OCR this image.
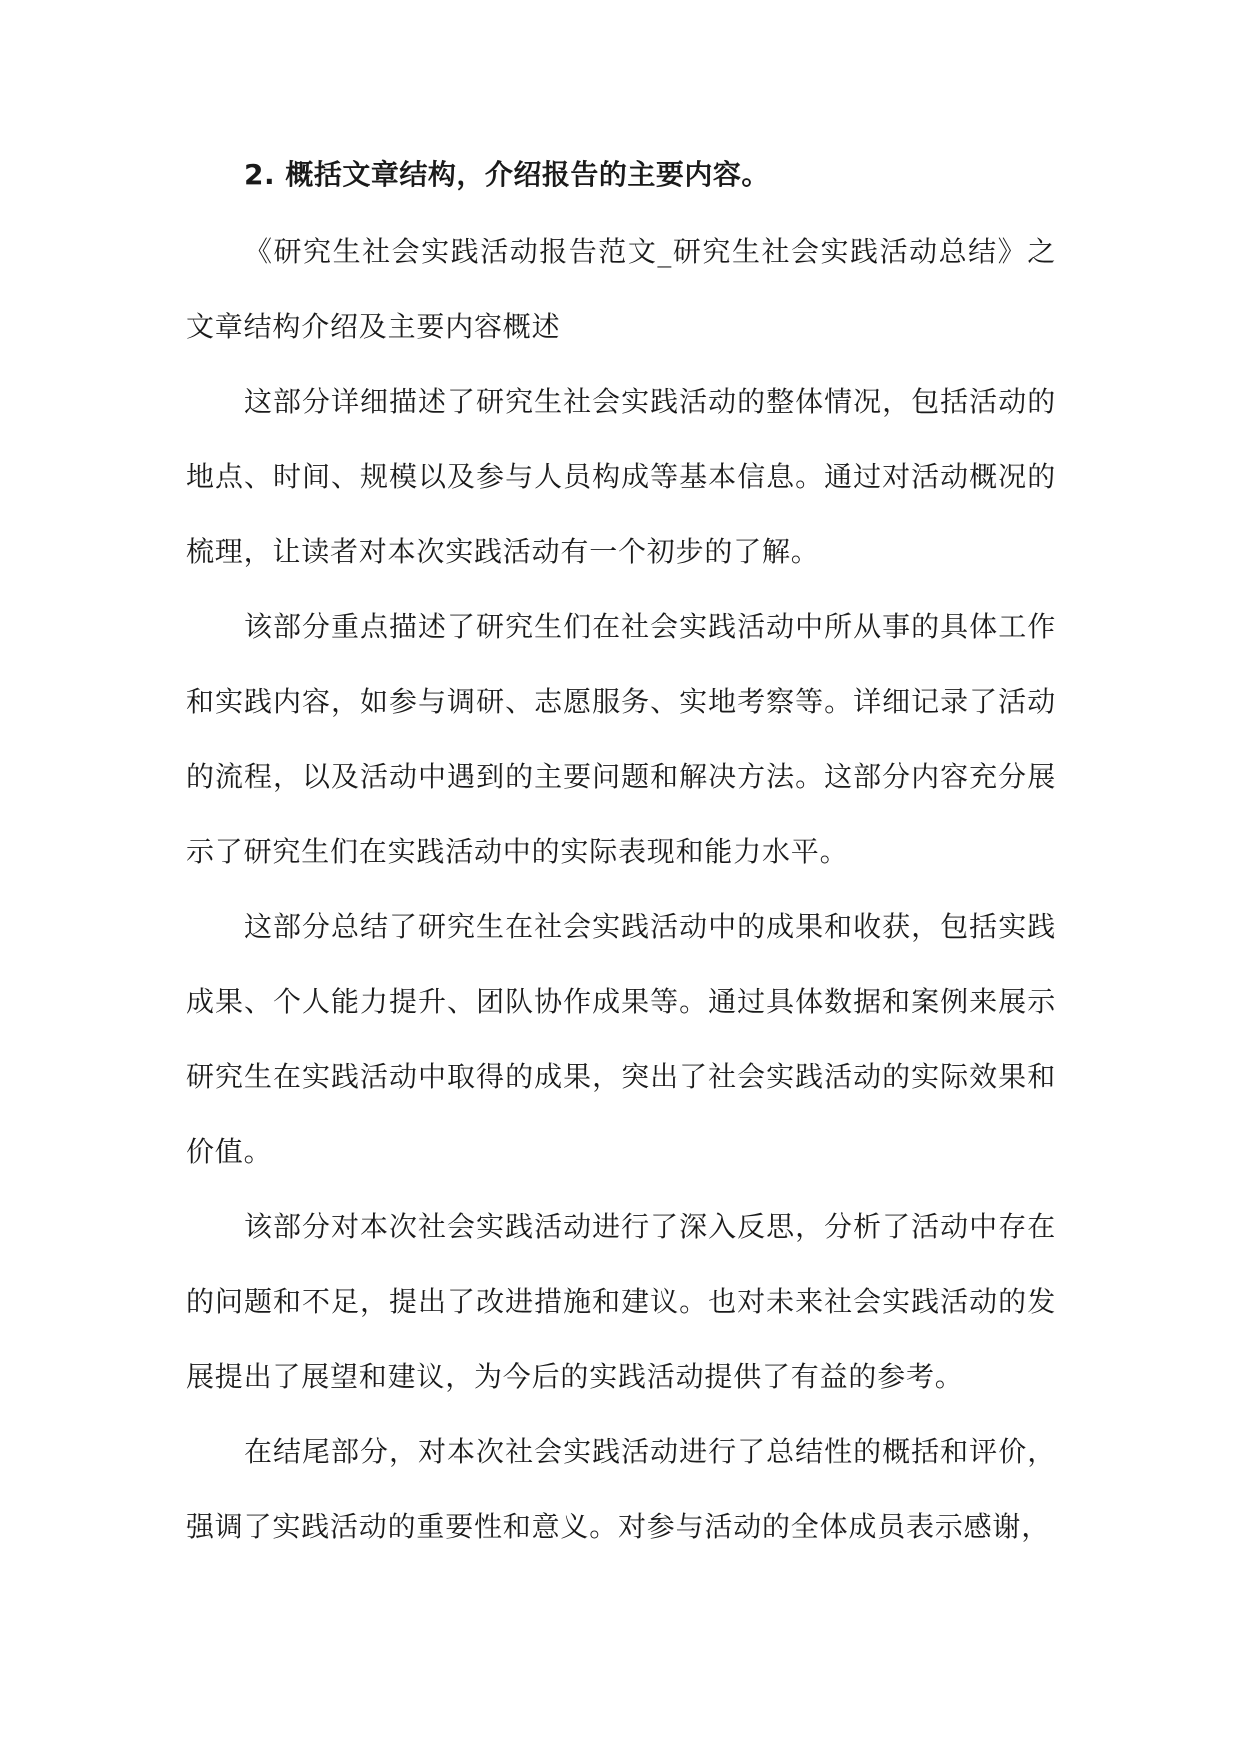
2. 概括文章结构，介绍报告的主要内容。

《研究生社会实践活动报告范文_研究生社会实践活动总结》之文章结构介绍及主要内容概述

这部分详细描述了研究生社会实践活动的整体情况，包括活动的地点、时间、规模以及参与人员构成等基本信息。通过对活动概况的梳理，让读者对本次实践活动有一个初步的了解。

该部分重点描述了研究生们在社会实践活动中所从事的具体工作和实践内容，如参与调研、志愿服务、实地考察等。详细记录了活动的流程，以及活动中遇到的主要问题和解决方法。这部分内容充分展示了研究生们在实践活动中的实际表现和能力水平。

这部分总结了研究生在社会实践活动中的成果和收获，包括实践成果、个人能力提升、团队协作成果等。通过具体数据和案例来展示研究生在实践活动中取得的成果，突出了社会实践活动的实际效果和价值。

该部分对本次社会实践活动进行了深入反思，分析了活动中存在的问题和不足，提出了改进措施和建议。也对未来社会实践活动的发展提出了展望和建议，为今后的实践活动提供了有益的参考。

在结尾部分，对本次社会实践活动进行了总结性的概括和评价，强调了实践活动的重要性和意义。对参与活动的全体成员表示感谢，
